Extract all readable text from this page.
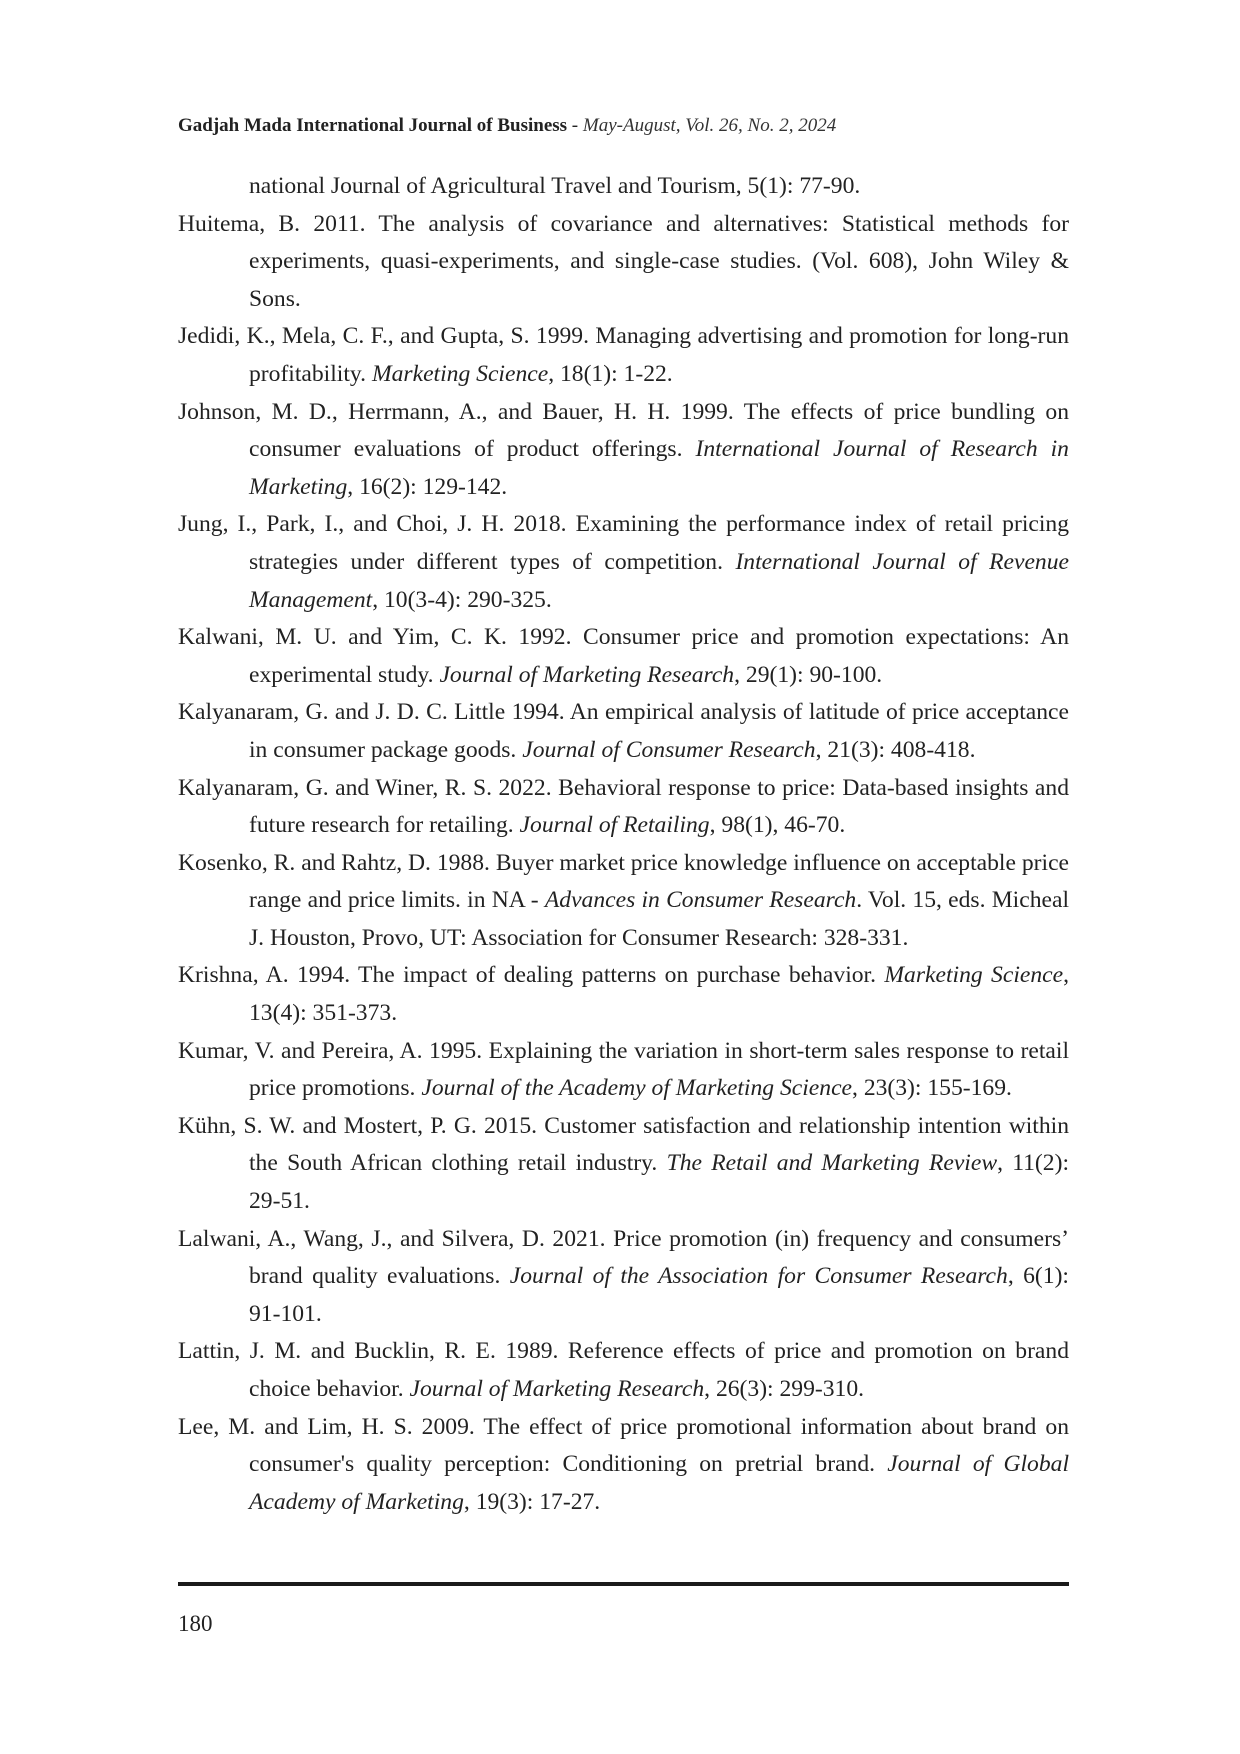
Gadjah Mada International Journal of Business - May-August, Vol. 26, No. 2, 2024

national Journal of Agricultural Travel and Tourism, 5(1): 77-90.

Huitema, B. 2011. The analysis of covariance and alternatives: Statistical methods for experiments, quasi-experiments, and single-case studies. (Vol. 608), John Wiley & Sons.

Jedidi, K., Mela, C. F., and Gupta, S. 1999. Managing advertising and promotion for long-run profitability. Marketing Science, 18(1): 1-22.

Johnson, M. D., Herrmann, A., and Bauer, H. H. 1999. The effects of price bundling on consumer evaluations of product offerings. International Journal of Research in Marketing, 16(2): 129-142.

Jung, I., Park, I., and Choi, J. H. 2018. Examining the performance index of retail pricing strategies under different types of competition. International Journal of Revenue Management, 10(3-4): 290-325.

Kalwani, M. U. and Yim, C. K. 1992. Consumer price and promotion expectations: An experimental study. Journal of Marketing Research, 29(1): 90-100.

Kalyanaram, G. and J. D. C. Little 1994. An empirical analysis of latitude of price acceptance in consumer package goods. Journal of Consumer Research, 21(3): 408-418.

Kalyanaram, G. and Winer, R. S. 2022. Behavioral response to price: Data-based insights and future research for retailing. Journal of Retailing, 98(1), 46-70.

Kosenko, R. and Rahtz, D. 1988. Buyer market price knowledge influence on acceptable price range and price limits. in NA - Advances in Consumer Research. Vol. 15, eds. Micheal J. Houston, Provo, UT: Association for Consumer Research: 328-331.

Krishna, A. 1994. The impact of dealing patterns on purchase behavior. Marketing Science, 13(4): 351-373.

Kumar, V. and Pereira, A. 1995. Explaining the variation in short-term sales response to retail price promotions. Journal of the Academy of Marketing Science, 23(3): 155-169.

Kühn, S. W. and Mostert, P. G. 2015. Customer satisfaction and relationship intention within the South African clothing retail industry. The Retail and Marketing Review, 11(2): 29-51.

Lalwani, A., Wang, J., and Silvera, D. 2021. Price promotion (in) frequency and consumers’ brand quality evaluations. Journal of the Association for Consumer Research, 6(1): 91-101.

Lattin, J. M. and Bucklin, R. E. 1989. Reference effects of price and promotion on brand choice behavior. Journal of Marketing Research, 26(3): 299-310.

Lee, M. and Lim, H. S. 2009. The effect of price promotional information about brand on consumer's quality perception: Conditioning on pretrial brand. Journal of Global Academy of Marketing, 19(3): 17-27.

180
